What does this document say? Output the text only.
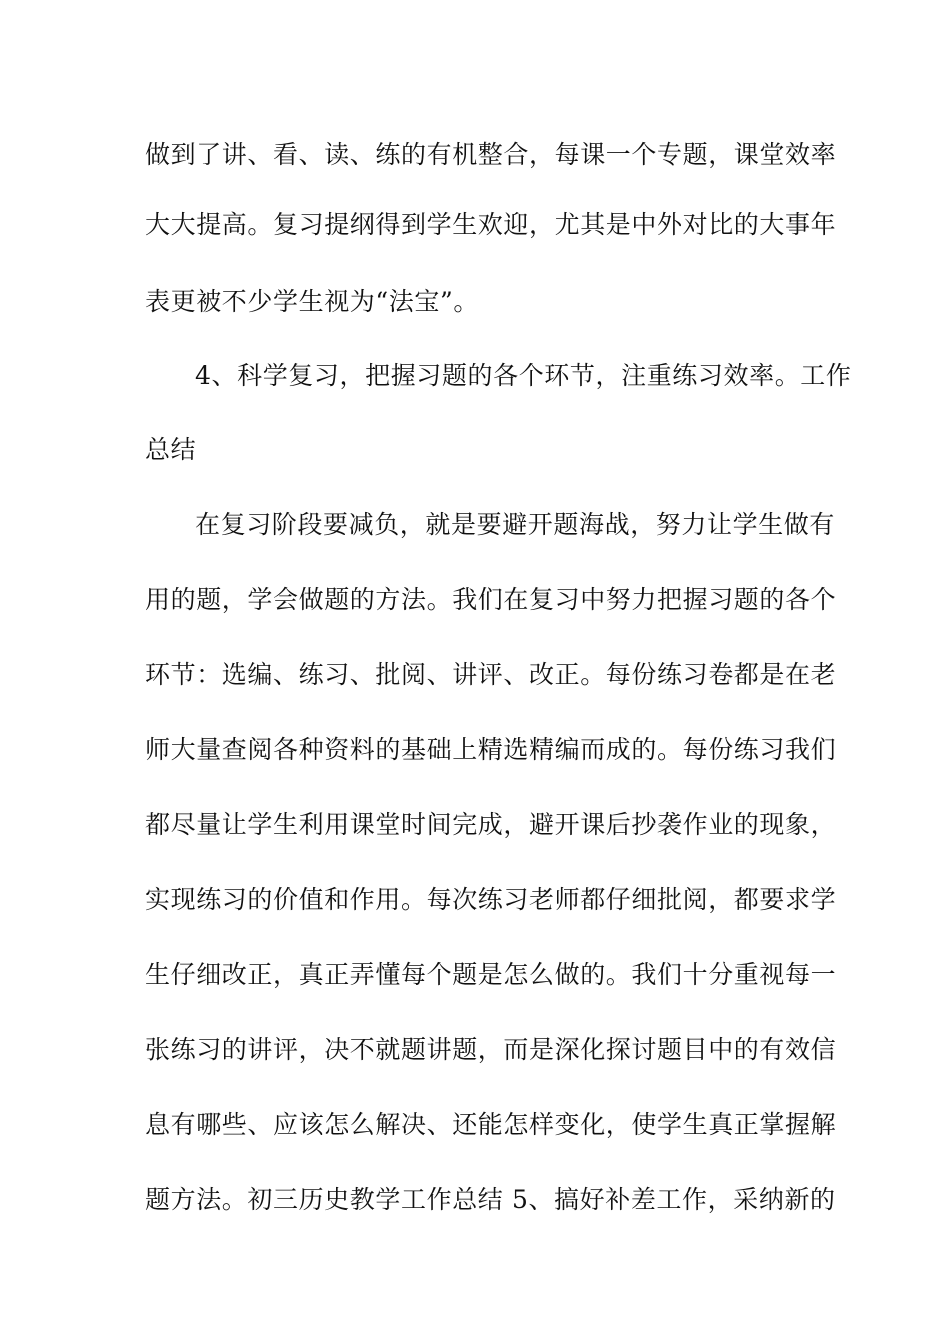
做到了讲、看、读、练的有机整合，每课一个专题，课堂效率
大大提高。复习提纲得到学生欢迎，尤其是中外对比的大事年
表更被不少学生视为“法宝”。
4、科学复习，把握习题的各个环节，注重练习效率。工作
总结
在复习阶段要减负，就是要避开题海战，努力让学生做有
用的题，学会做题的方法。我们在复习中努力把握习题的各个
环节：选编、练习、批阅、讲评、改正。每份练习卷都是在老
师大量查阅各种资料的基础上精选精编而成的。每份练习我们
都尽量让学生利用课堂时间完成，避开课后抄袭作业的现象，
实现练习的价值和作用。每次练习老师都仔细批阅，都要求学
生仔细改正，真正弄懂每个题是怎么做的。我们十分重视每一
张练习的讲评，决不就题讲题，而是深化探讨题目中的有效信
息有哪些、应该怎么解决、还能怎样变化，使学生真正掌握解
题方法。初三历史教学工作总结 5、搞好补差工作，采纳新的
